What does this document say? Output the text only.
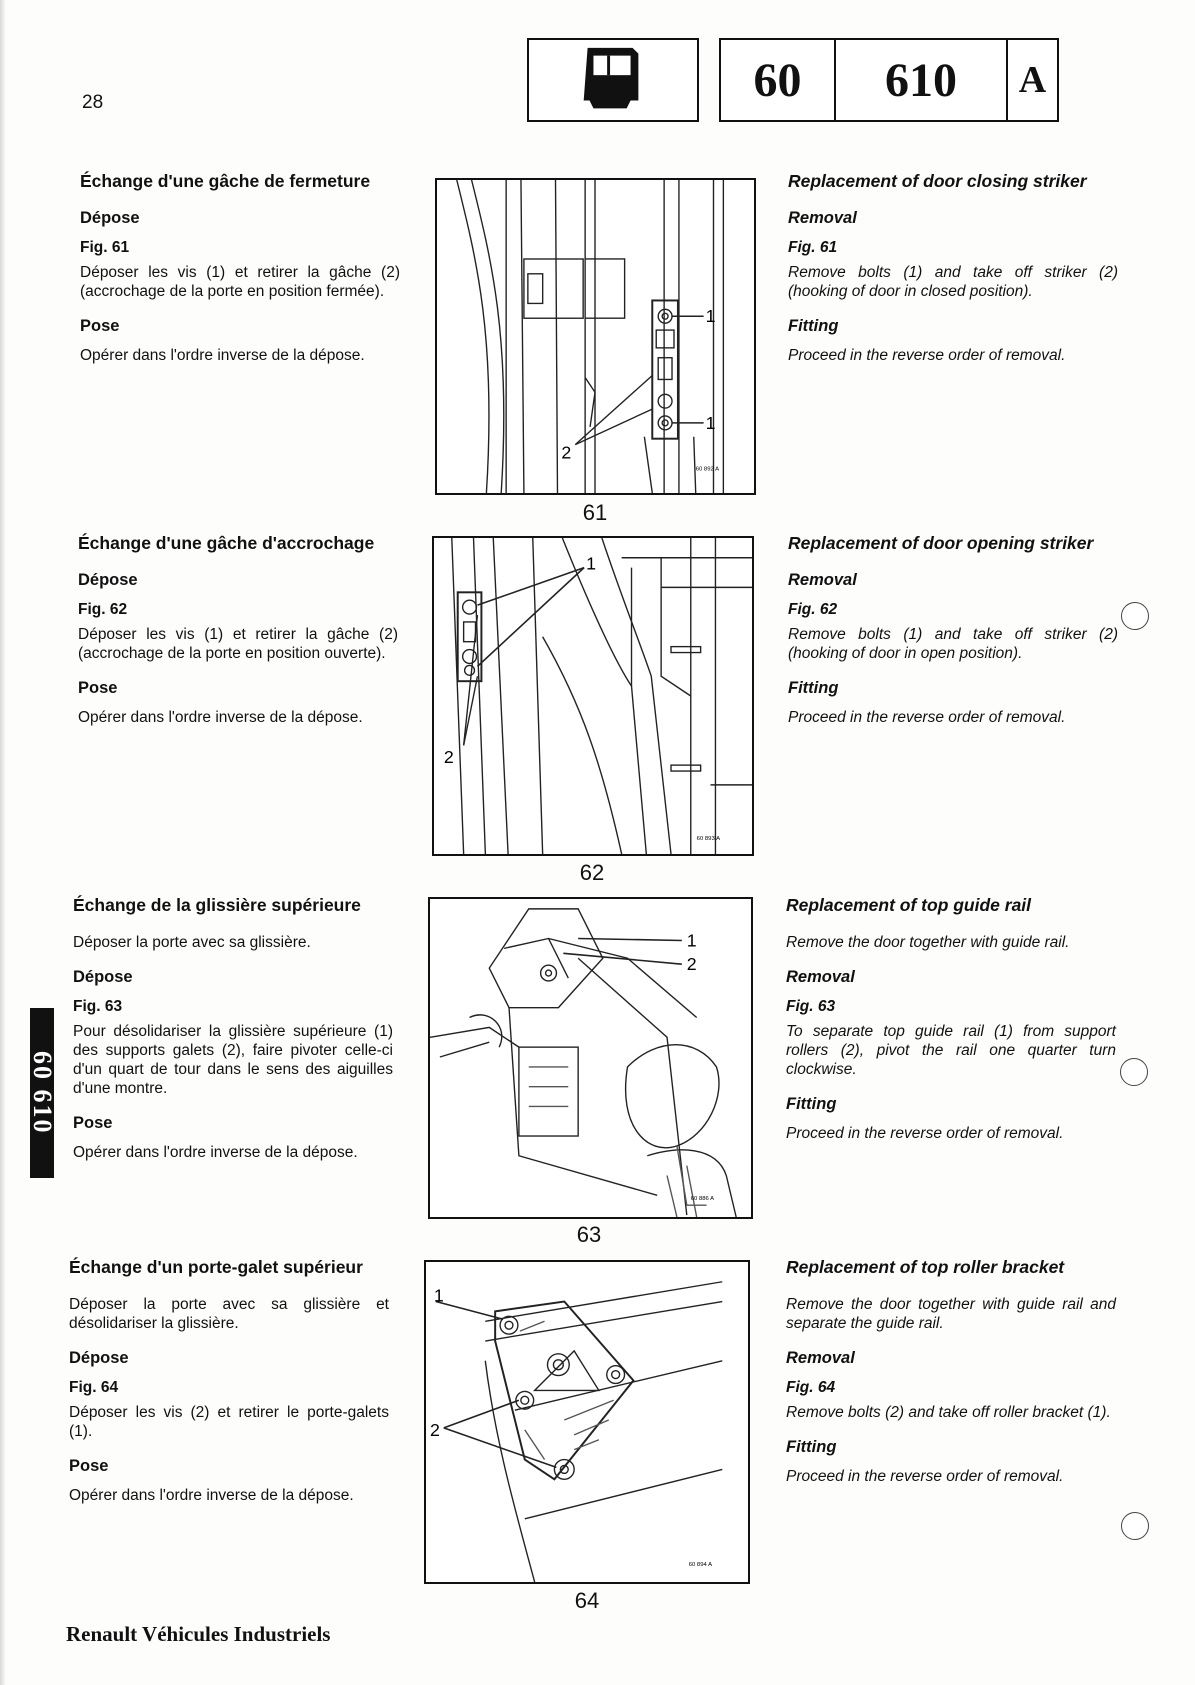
28	60	610	A
Échange d'une gâche de fermeture
Dépose
Fig. 61
Déposer les vis (1) et retirer la gâche (2) (accrochage de la porte en position fermée).
Pose
Opérer dans l'ordre inverse de la dépose.
1
1
2
60 892 A
61
Replacement of door closing striker
Removal
Fig. 61
Remove bolts (1) and take off striker (2) (hooking of door in closed position).
Fitting
Proceed in the reverse order of removal.
Échange d'une gâche d'accrochage
Dépose
Fig. 62
Déposer les vis (1) et retirer la gâche (2) (accrochage de la porte en position ouverte).
Pose
Opérer dans l'ordre inverse de la dépose.
1
2
60 893 A
62
Replacement of door opening striker
Removal
Fig. 62
Remove bolts (1) and take off striker (2) (hooking of door in open position).
Fitting
Proceed in the reverse order of removal.
Échange de la glissière supérieure
Déposer la porte avec sa glissière.
Dépose
Fig. 63
Pour désolidariser la glissière supérieure (1) des supports galets (2), faire pivoter celle-ci d'un quart de tour dans le sens des aiguilles d'une montre.
Pose
Opérer dans l'ordre inverse de la dépose.
1
2
60 886 A
63
Replacement of top guide rail
Remove the door together with guide rail.
Removal
Fig. 63
To separate top guide rail (1) from support rollers (2), pivot the rail one quarter turn clockwise.
Fitting
Proceed in the reverse order of removal.
Échange d'un porte-galet supérieur
Déposer la porte avec sa glissière et désolidariser la glissière.
Dépose
Fig. 64
Déposer les vis (2) et retirer le porte-galets (1).
Pose
Opérer dans l'ordre inverse de la dépose.
1
2
60 894 A
64
Replacement of top roller bracket
Remove the door together with guide rail and separate the guide rail.
Removal
Fig. 64
Remove bolts (2) and take off roller bracket (1).
Fitting
Proceed in the reverse order of removal.
60 610
Renault Véhicules Industriels
